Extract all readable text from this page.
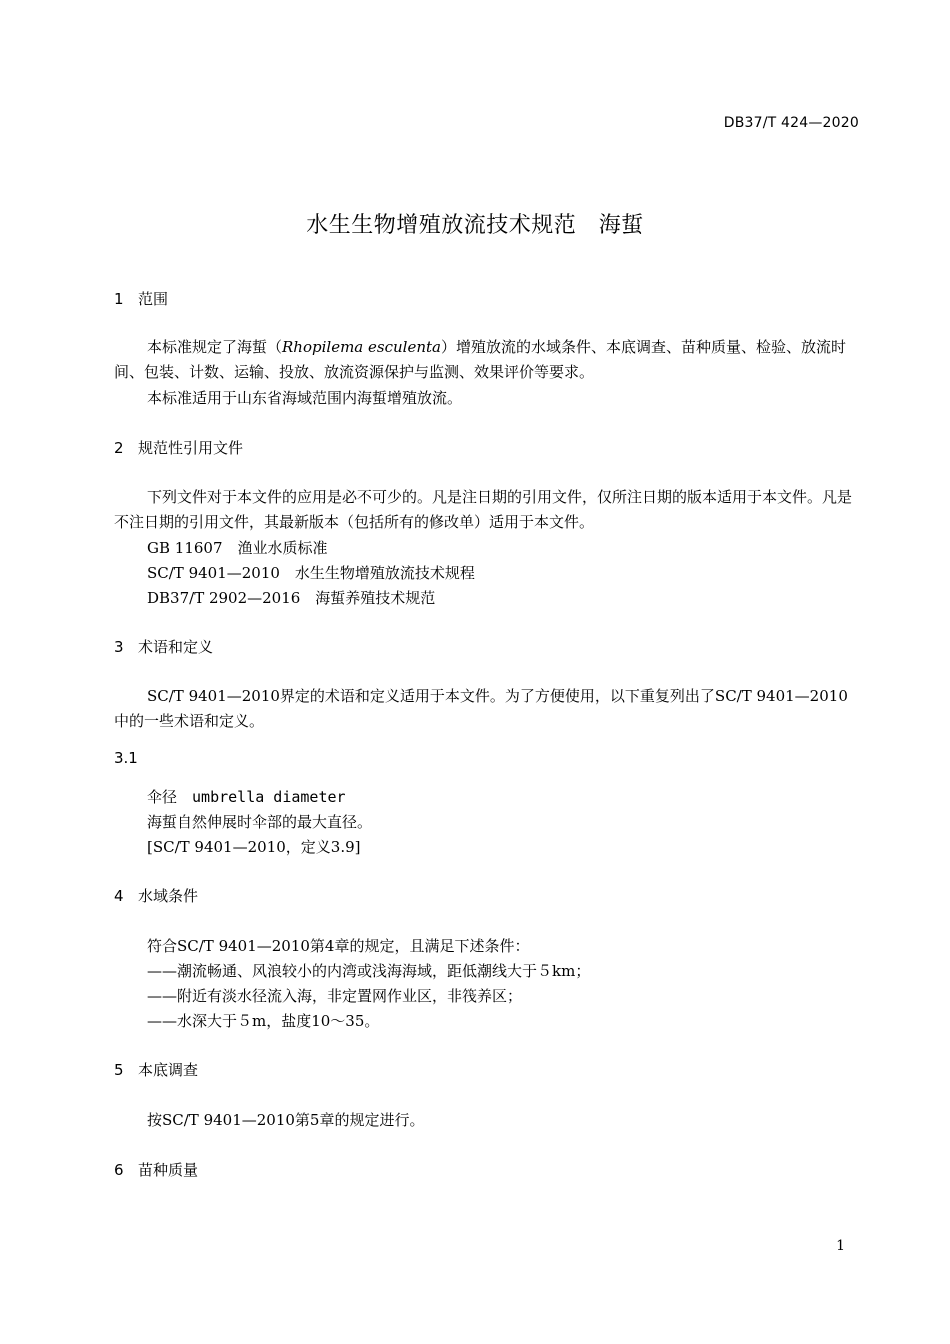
DB37/T 424—2020
水生生物增殖放流技术规范　海蜇
1 范围
本标准规定了海蜇（Rhopilema esculenta）增殖放流的水域条件、本底调查、苗种质量、检验、放流时间、包装、计数、运输、投放、放流资源保护与监测、效果评价等要求。
本标准适用于山东省海域范围内海蜇增殖放流。
2 规范性引用文件
下列文件对于本文件的应用是必不可少的。凡是注日期的引用文件，仅所注日期的版本适用于本文件。凡是不注日期的引用文件，其最新版本（包括所有的修改单）适用于本文件。
GB 11607　渔业水质标准
SC/T 9401—2010　水生生物增殖放流技术规程
DB37/T 2902—2016　海蜇养殖技术规范
3 术语和定义
SC/T 9401—2010界定的术语和定义适用于本文件。为了方便使用，以下重复列出了SC/T 9401—2010中的一些术语和定义。
3.1
伞径　 umbrella diameter
海蜇自然伸展时伞部的最大直径。
[SC/T 9401—2010，定义3.9]
4 水域条件
符合SC/T 9401—2010第4章的规定，且满足下述条件：
——潮流畅通、风浪较小的内湾或浅海海域，距低潮线大于５km；
——附近有淡水径流入海，非定置网作业区，非筏养区；
——水深大于５m，盐度10～35。
5 本底调查
按SC/T 9401—2010第5章的规定进行。
6 苗种质量
1
